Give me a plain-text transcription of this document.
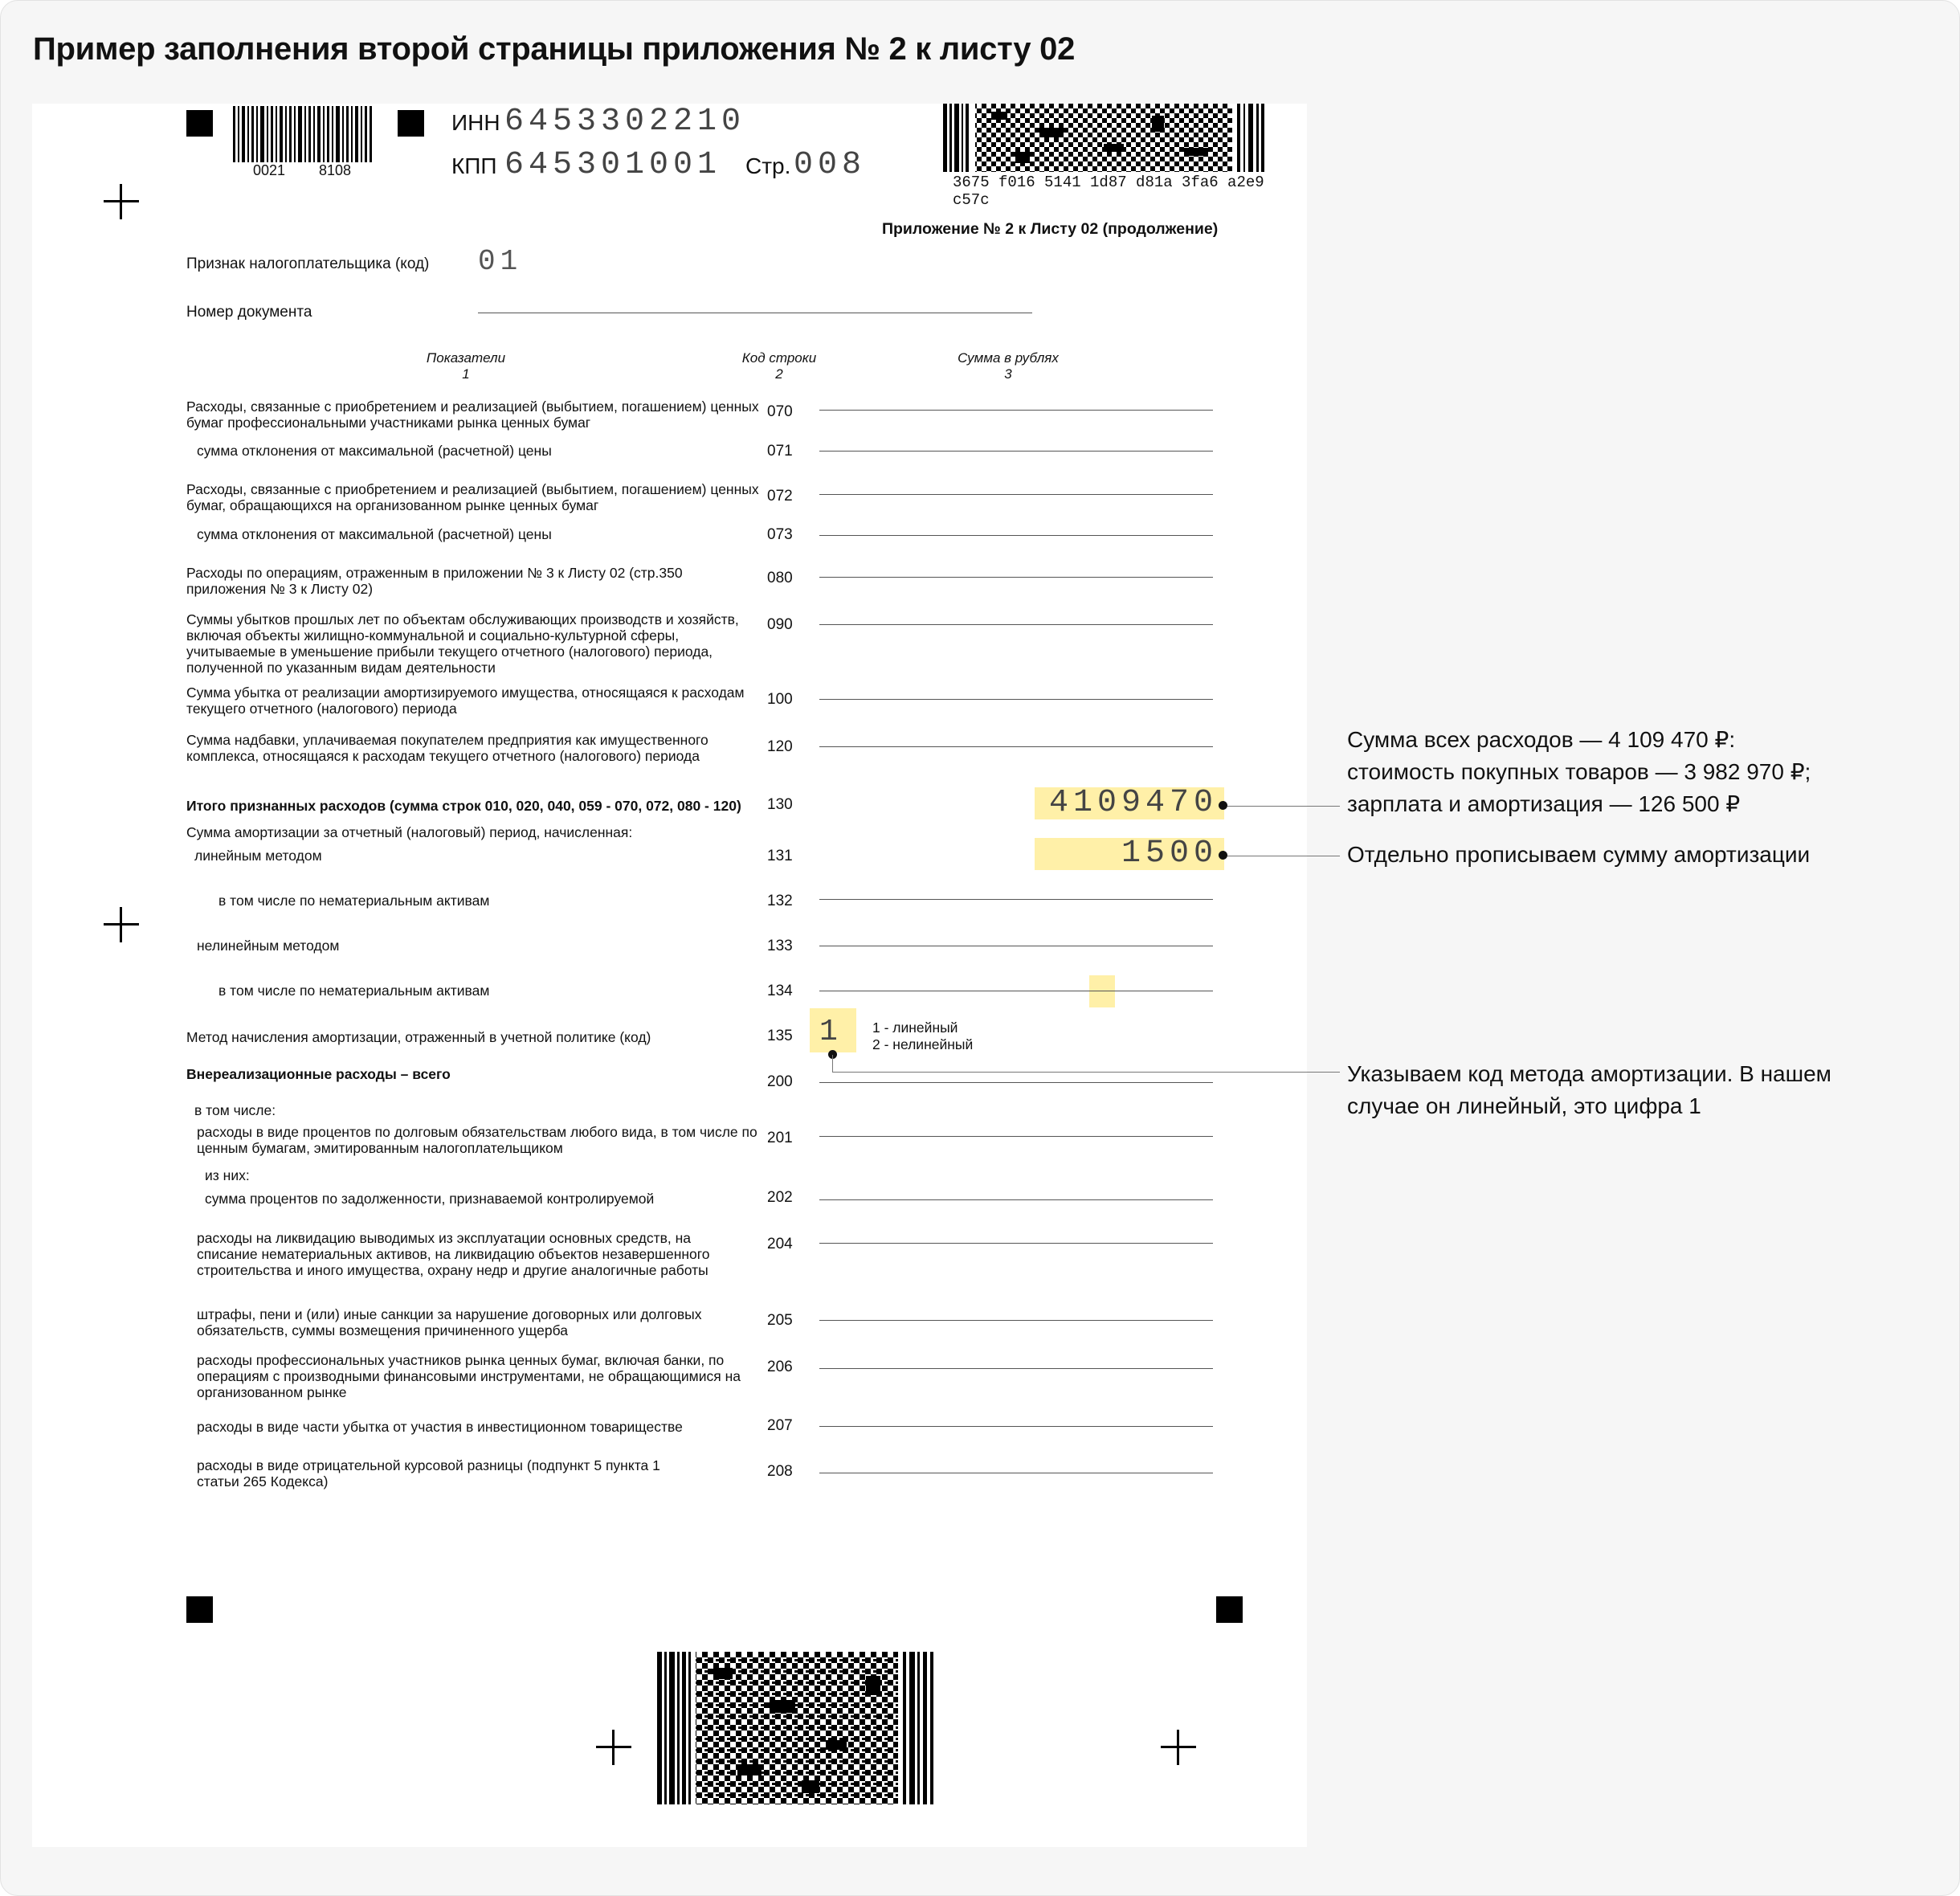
Пример заполнения второй страницы приложения № 2 к листу 02
0021 8108
ИНН 6453302210
КПП 645301001 Стр. 008	3675 f016 5141 1d87 d81a 3fa6 a2e9 c57c
Приложение № 2 к Листу 02 (продолжение)
Признак налогоплательщика (код) 01
Номер документа
Показатели
1
Код строки
2
Сумма в рублях
3
Расходы, связанные с приобретением и реализацией (выбытием, погашением) ценных бумаг профессиональными участниками рынка ценных бумаг
070
сумма отклонения от максимальной (расчетной) цены	071
Расходы, связанные с приобретением и реализацией (выбытием, погашением) ценных бумаг, обращающихся на организованном рынке ценных бумаг
072
сумма отклонения от максимальной (расчетной) цены	073
Расходы по операциям, отраженным в приложении № 3 к Листу 02 (стр.350 приложения № 3 к Листу 02)
080
Суммы убытков прошлых лет по объектам обслуживающих производств и хозяйств, включая объекты жилищно-коммунальной и социально-культурной сферы, учитываемые в уменьшение прибыли текущего отчетного (налогового) периода, полученной по указанным видам деятельности
090
Сумма убытка от реализации амортизируемого имущества, относящаяся к расходам текущего отчетного (налогового) периода
100
Сумма надбавки, уплачиваемая покупателем предприятия как имущественного комплекса, относящаяся к расходам текущего отчетного (налогового) периода
120
Итого признанных расходов (сумма строк 010, 020, 040, 059 - 070, 072, 080 - 120) 130	4109470
Сумма амортизации за отчетный (налоговый) период, начисленная:
линейным методом	131	1500
в том числе по нематериальным активам	132
нелинейным методом	133
в том числе по нематериальным активам	134
Метод начисления амортизации, отраженный в учетной политике (код)	135 1 1 - линейный
2 - нелинейный
Внереализационные расходы – всего	200
в том числе:
расходы в виде процентов по долговым обязательствам любого вида, в том числе по ценным бумагам, эмитированным налогоплательщиком
201
из них:
сумма процентов по задолженности, признаваемой контролируемой	202
расходы на ликвидацию выводимых из эксплуатации основных средств, на списание нематериальных активов, на ликвидацию объектов незавершенного строительства и иного имущества, охрану недр и другие аналогичные работы
204
штрафы, пени и (или) иные санкции за нарушение договорных или долговых обязательств, суммы возмещения причиненного ущерба
205
расходы профессиональных участников рынка ценных бумаг, включая банки, по операциям с производными финансовыми инструментами, не обращающимися на организованном рынке
206
расходы в виде части убытка от участия в инвестиционном товариществе	207
расходы в виде отрицательной курсовой разницы (подпункт 5 пункта 1 статьи 265 Кодекса)
208
Сумма всех расходов — 4 109 470 ₽:
стоимость покупных товаров — 3 982 970 ₽;
зарплата и амортизация — 126 500 ₽
Отдельно прописываем сумму амортизации
Указываем код метода амортизации. В нашем
случае он линейный, это цифра 1
